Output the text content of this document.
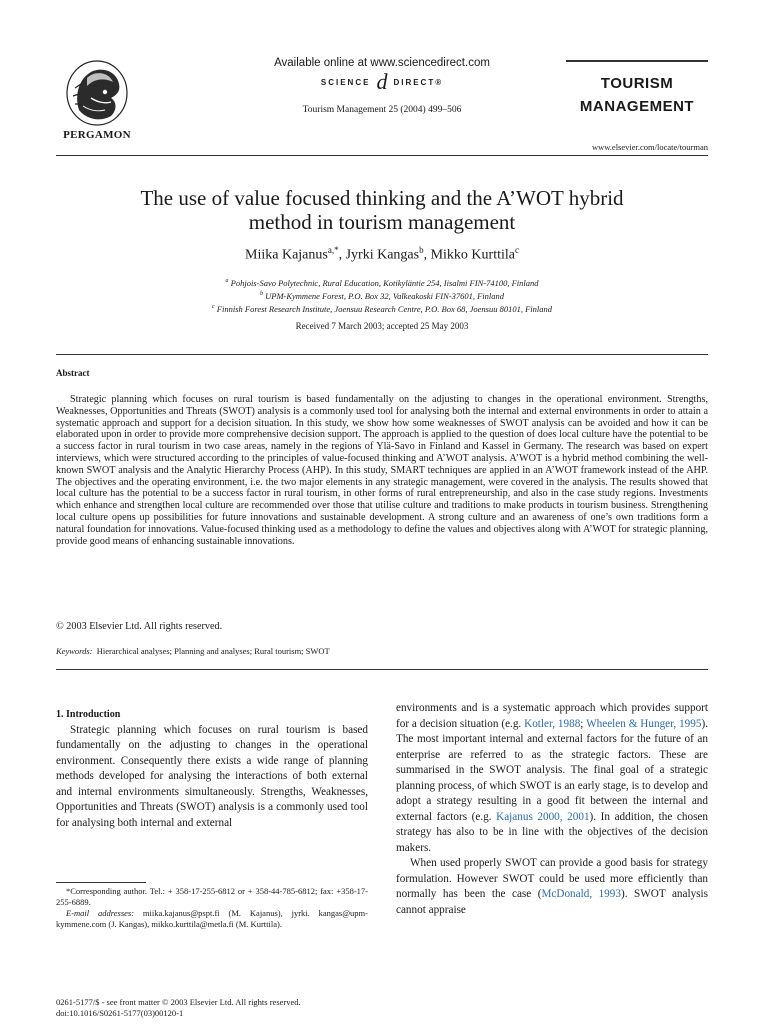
PERGAMON
Available online at www.sciencedirect.com
SCIENCE d DIRECT®
Tourism Management 25 (2004) 499–506
TOURISM
MANAGEMENT
www.elsevier.com/locate/tourman
The use of value focused thinking and the A’WOT hybrid
method in tourism management
Miika Kajanus$^{a,*}$, Jyrki Kangas$^b$, Mikko Kurttila$^c$
$^a$ Pohjois-Savo Polytechnic, Rural Education, Kotikyläntie 254, Iisalmi FIN-74100, Finland
$^b$ UPM-Kymmene Forest, P.O. Box 32, Valkeakoski FIN-37601, Finland
$^c$ Finnish Forest Research Institute, Joensuu Research Centre, P.O. Box 68, Joensuu 80101, Finland
Received 7 March 2003; accepted 25 May 2003
Abstract

Strategic planning which focuses on rural tourism is based fundamentally on the adjusting to changes in the operational environment. Strengths, Weaknesses, Opportunities and Threats (SWOT) analysis is a commonly used tool for analysing both the internal and external environments in order to attain a systematic approach and support for a decision situation. In this study, we show how some weaknesses of SWOT analysis can be avoided and how it can be elaborated upon in order to provide more comprehensive decision support. The approach is applied to the question of does local culture have the potential to be a success factor in rural tourism in two case areas, namely in the regions of Ylä-Savo in Finland and Kassel in Germany. The research was based on expert interviews, which were structured according to the principles of value-focused thinking and A’WOT analysis. A’WOT is a hybrid method combining the well-known SWOT analysis and the Analytic Hierarchy Process (AHP). In this study, SMART techniques are applied in an A’WOT framework instead of the AHP. The objectives and the operating environment, i.e. the two major elements in any strategic management, were covered in the analysis. The results showed that local culture has the potential to be a success factor in rural tourism, in other forms of rural entrepreneurship, and also in the case study regions. Investments which enhance and strengthen local culture are recommended over those that utilise culture and traditions to make products in tourism business. Strengthening local culture opens up possibilities for future innovations and sustainable development. A strong culture and an awareness of one’s own traditions form a natural foundation for innovations. Value-focused thinking used as a methodology to define the values and objectives along with A’WOT for strategic planning, provide good means of enhancing sustainable innovations.

© 2003 Elsevier Ltd. All rights reserved.
Keywords: Hierarchical analyses; Planning and analyses; Rural tourism; SWOT

1. Introduction

Strategic planning which focuses on rural tourism is based fundamentally on the adjusting to changes in the operational environment. Consequently there exists a wide range of planning methods developed for analysing the interactions of both external and internal environments simultaneously. Strengths, Weaknesses, Opportunities and Threats (SWOT) analysis is a commonly used tool for analysing both internal and external

environments and is a systematic approach which provides support for a decision situation (e.g. Kotler, 1988; Wheelen & Hunger, 1995). The most important internal and external factors for the future of an enterprise are referred to as the strategic factors. These are summarised in the SWOT analysis. The final goal of a strategic planning process, of which SWOT is an early stage, is to develop and adopt a strategy resulting in a good fit between the internal and external factors (e.g. Kajanus 2000, 2001). In addition, the chosen strategy has also to be in line with the objectives of the decision makers.

When used properly SWOT can provide a good basis for strategy formulation. However SWOT could be used more efficiently than normally has been the case (McDonald, 1993). SWOT analysis cannot appraise

*Corresponding author. Tel.: + 358-17-255-6812 or + 358-44-785-6812; fax: +358-17-255-6889.

E-mail addresses: miika.kajanus@pspt.fi (M. Kajanus), jyrki. kangas@upm-kymmene.com (J. Kangas), mikko.kurttila@metla.fi (M. Kurttila).

0261-5177/$ - see front matter © 2003 Elsevier Ltd. All rights reserved.
doi:10.1016/S0261-5177(03)00120-1
